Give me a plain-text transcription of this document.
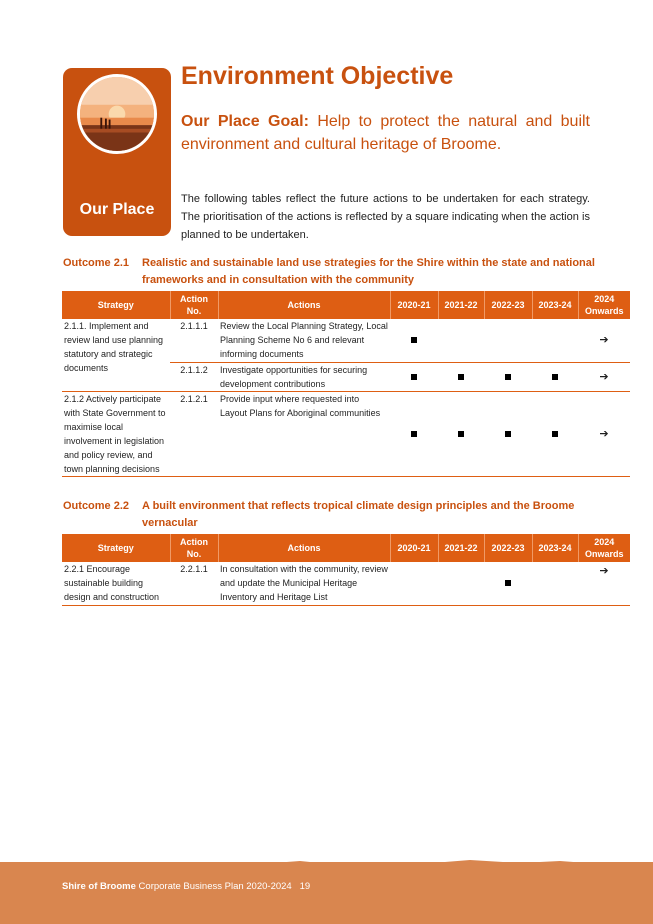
Our Place
Environment Objective
Our Place Goal: Help to protect the natural and built environment and cultural heritage of Broome.
The following tables reflect the future actions to be undertaken for each strategy. The prioritisation of the actions is reflected by a square indicating when the action is planned to be undertaken.
Outcome 2.1 Realistic and sustainable land use strategies for the Shire within the state and national frameworks and in consultation with the community
Strategy	Action No.	Actions	2020-21	2021-22	2022-23	2023-24	2024 Onwards
2.1.1. Implement and review land use planning statutory and strategic documents	2.1.1.1	Review the Local Planning Strategy, Local Planning Scheme No 6 and relevant informing documents					➔
	2.1.1.2	Investigate opportunities for securing development contributions					➔
2.1.2 Actively participate with State Government to maximise local involvement in legislation and policy review, and town planning decisions	2.1.2.1	Provide input where requested into Layout Plans for Aboriginal communities					➔
Outcome 2.2 A built environment that reflects tropical climate design principles and the Broome vernacular
Strategy	Action No.	Actions	2020-21	2021-22	2022-23	2023-24	2024 Onwards
2.2.1 Encourage sustainable building design and construction	2.2.1.1	In consultation with the community, review and update the Municipal Heritage Inventory and Heritage List					➔
Shire of Broome Corporate Business Plan 2020-2024 19
